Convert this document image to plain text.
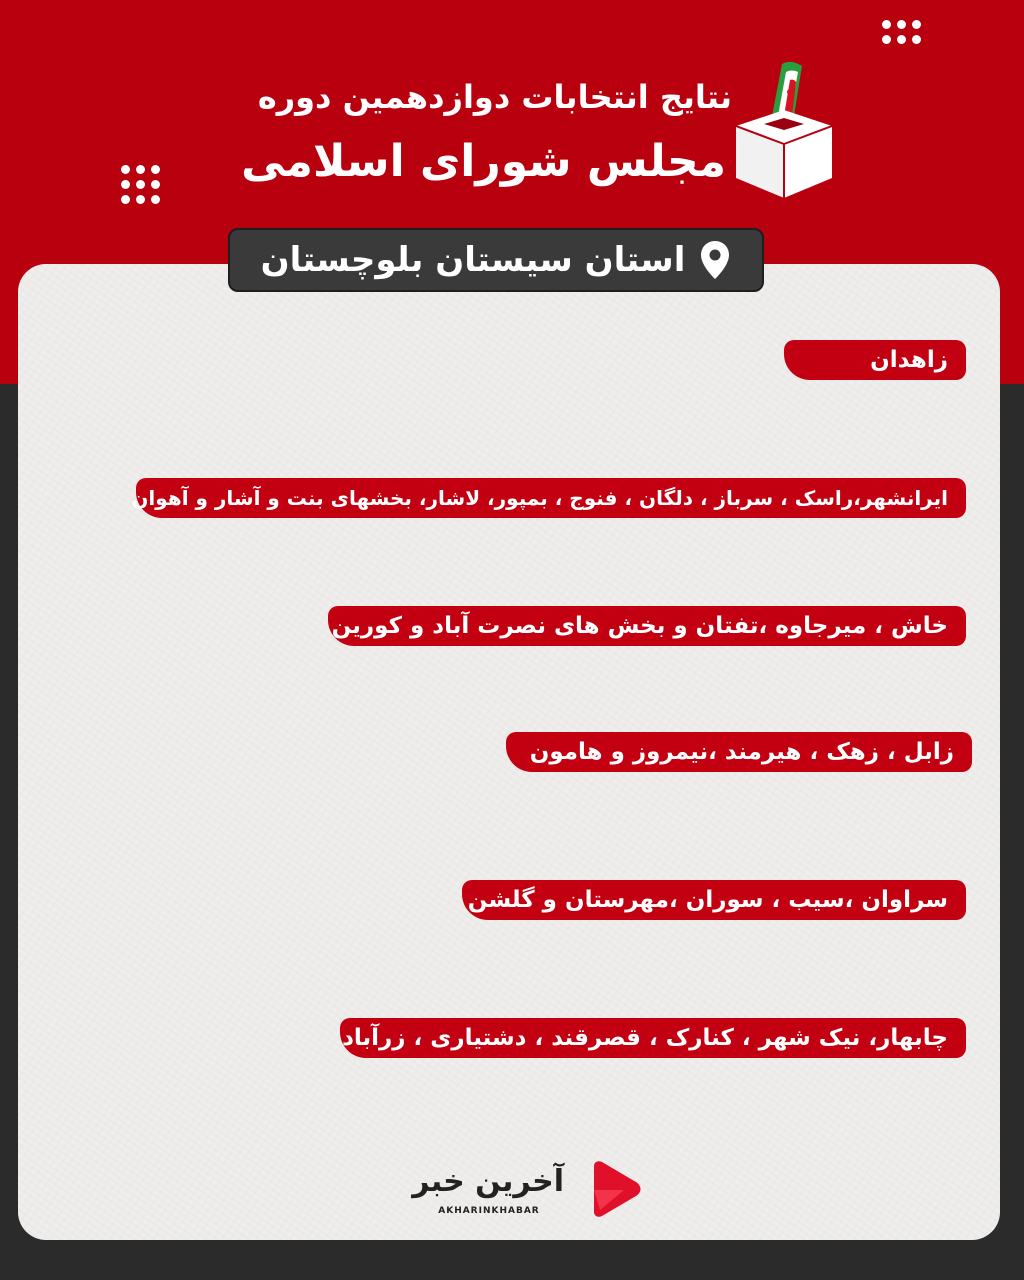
نتایج انتخابات دوازدهمین دوره
مجلس شورای اسلامی
استان سیستان بلوچستان
زاهدان
ایرانشهر،راسک ، سرباز ، دلگان ، فنوج ، بمپور، لاشار، بخشهای بنت و آشار و آهوان
خاش ، میرجاوه ،تفتان و بخش های نصرت آباد و کورین
زابل ، زهک ، هیرمند ،نیمروز و هامون
سراوان ،سیب ، سوران ،مهرستان و گلشن
چابهار، نیک شهر ، کنارک ، قصرقند ، دشتیاری ، زرآباد
آخرین خبر
AKHARINKHABAR
